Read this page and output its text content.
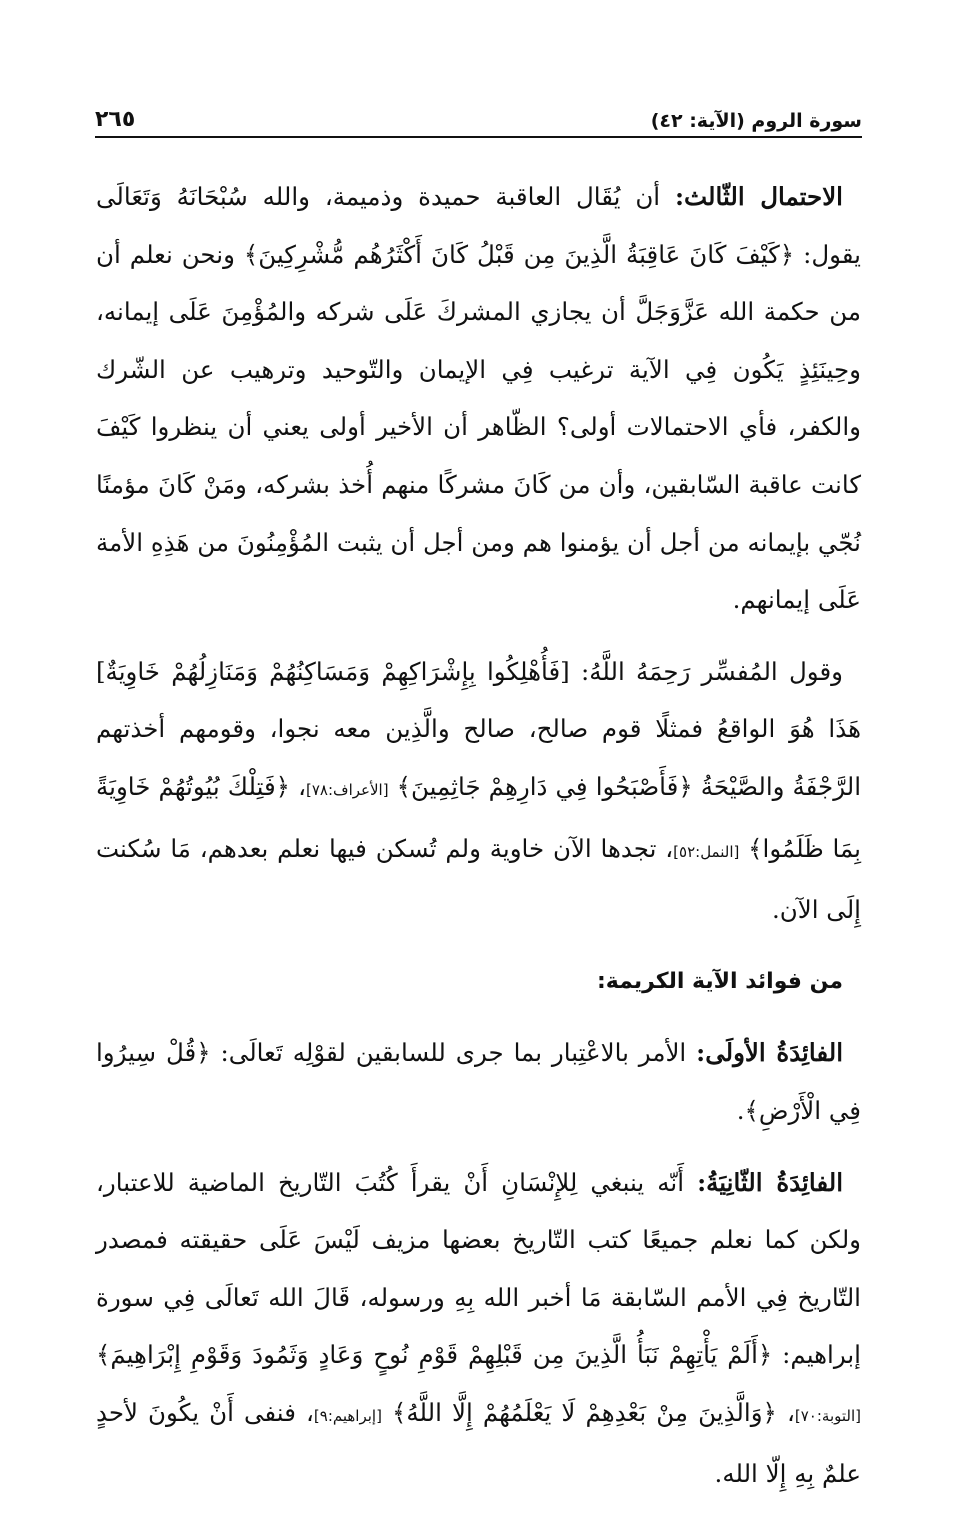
سورة الروم (الآية: ٤٢)
٢٦٥

الاحتمال الثّالث: أن يُقَال العاقبة حميدة وذميمة، والله سُبْحَانَهُ وَتَعَالَى يقول: ﴿كَيْفَ كَانَ عَاقِبَةُ الَّذِينَ مِن قَبْلُ كَانَ أَكْثَرُهُم مُّشْرِكِينَ﴾ ونحن نعلم أن من حكمة الله عَزَّوَجَلَّ أن يجازي المشركَ عَلَى شركه والمُؤْمِنَ عَلَى إيمانه، وحِينَئِذٍ يَكُون فِي الآية ترغيب فِي الإيمان والتّوحيد وترهيب عن الشّرك والكفر، فأي الاحتمالات أولى؟ الظّاهر أن الأخير أولى يعني أن ينظروا كَيْفَ كانت عاقبة السّابقين، وأن من كَانَ مشركًا منهم أُخذ بشركه، ومَنْ كَانَ مؤمنًا نُجّي بإيمانه من أجل أن يؤمنوا هم ومن أجل أن يثبت المُؤْمِنُونَ من هَذِهِ الأمة عَلَى إيمانهم.

وقول المُفسِّر رَحِمَهُ اللَّهُ: [فَأُهْلِكُوا بِإِشْرَاكِهِمْ وَمَسَاكِنُهُمْ وَمَنَازِلُهُمْ خَاوِيَةٌ] هَذَا هُوَ الواقعُ فمثلًا قوم صالح، صالح والَّذِين معه نجوا، وقومهم أخذتهم الرَّجْفَةُ والصَّيْحَةُ ﴿فَأَصْبَحُوا فِي دَارِهِمْ جَاثِمِينَ﴾ [الأعراف:٧٨]، ﴿فَتِلْكَ بُيُوتُهُمْ خَاوِيَةً بِمَا ظَلَمُوا﴾ [النمل:٥٢]، تجدها الآن خاوية ولم تُسكن فيها نعلم بعدهم، مَا سُكنت إِلَى الآن.

من فوائد الآية الكريمة:

الفائِدَةُ الأولَى: الأمر بالاعْتِبار بما جرى للسابقين لقوْلِه تَعالَى: ﴿قُلْ سِيرُوا فِي الْأَرْضِ﴾.

الفائِدَةُ الثّانِيَةُ: أَنّه ينبغي لِلإِنْسَانِ أَنْ يقرأَ كُتُبَ التّاريخ الماضية للاعتبار، ولكن كما نعلم جميعًا كتب التّاريخ بعضها مزيف لَيْسَ عَلَى حقيقته فمصدر التّاريخ فِي الأمم السّابقة مَا أخبر الله بِهِ ورسوله، قَالَ الله تَعالَى فِي سورة إبراهيم: ﴿أَلَمْ يَأْتِهِمْ نَبَأُ الَّذِينَ مِن قَبْلِهِمْ قَوْمِ نُوحٍ وَعَادٍ وَثَمُودَ وَقَوْمِ إِبْرَاهِيمَ﴾ [التوبة:٧٠]، ﴿وَالَّذِينَ مِنْ بَعْدِهِمْ لَا يَعْلَمُهُمْ إِلَّا اللَّهُ﴾ [إبراهيم:٩]، فنفى أَنْ يكُونَ لأحدٍ علمٌ بِهِ إِلّا الله.
